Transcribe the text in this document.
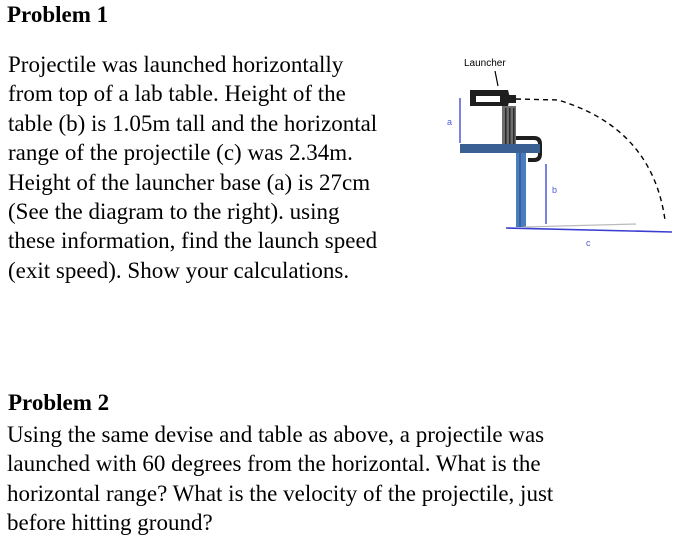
Problem 1
Projectile was launched horizontally
from top of a lab table. Height of the
table (b) is 1.05m tall and the horizontal
range of the projectile (c) was 2.34m.
Height of the launcher base (a) is 27cm
(See the diagram to the right). using
these information, find the launch speed
(exit speed). Show your calculations.
Launcher
a
b
c
Problem 2
Using the same devise and table as above, a projectile was
launched with 60 degrees from the horizontal. What is the
horizontal range? What is the velocity of the projectile, just
before hitting ground?
